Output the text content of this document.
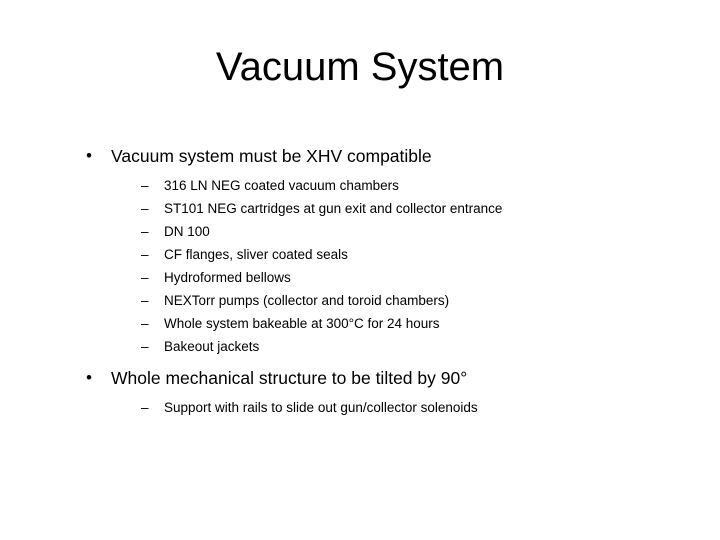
Vacuum System
• Vacuum system must be XHV compatible
– 316 LN NEG coated vacuum chambers
– ST101 NEG cartridges at gun exit and collector entrance
– DN 100
– CF flanges, sliver coated seals
– Hydroformed bellows
– NEXTorr pumps (collector and toroid chambers)
– Whole system bakeable at 300°C for 24 hours
– Bakeout jackets
• Whole mechanical structure to be tilted by 90°
– Support with rails to slide out gun/collector solenoids
